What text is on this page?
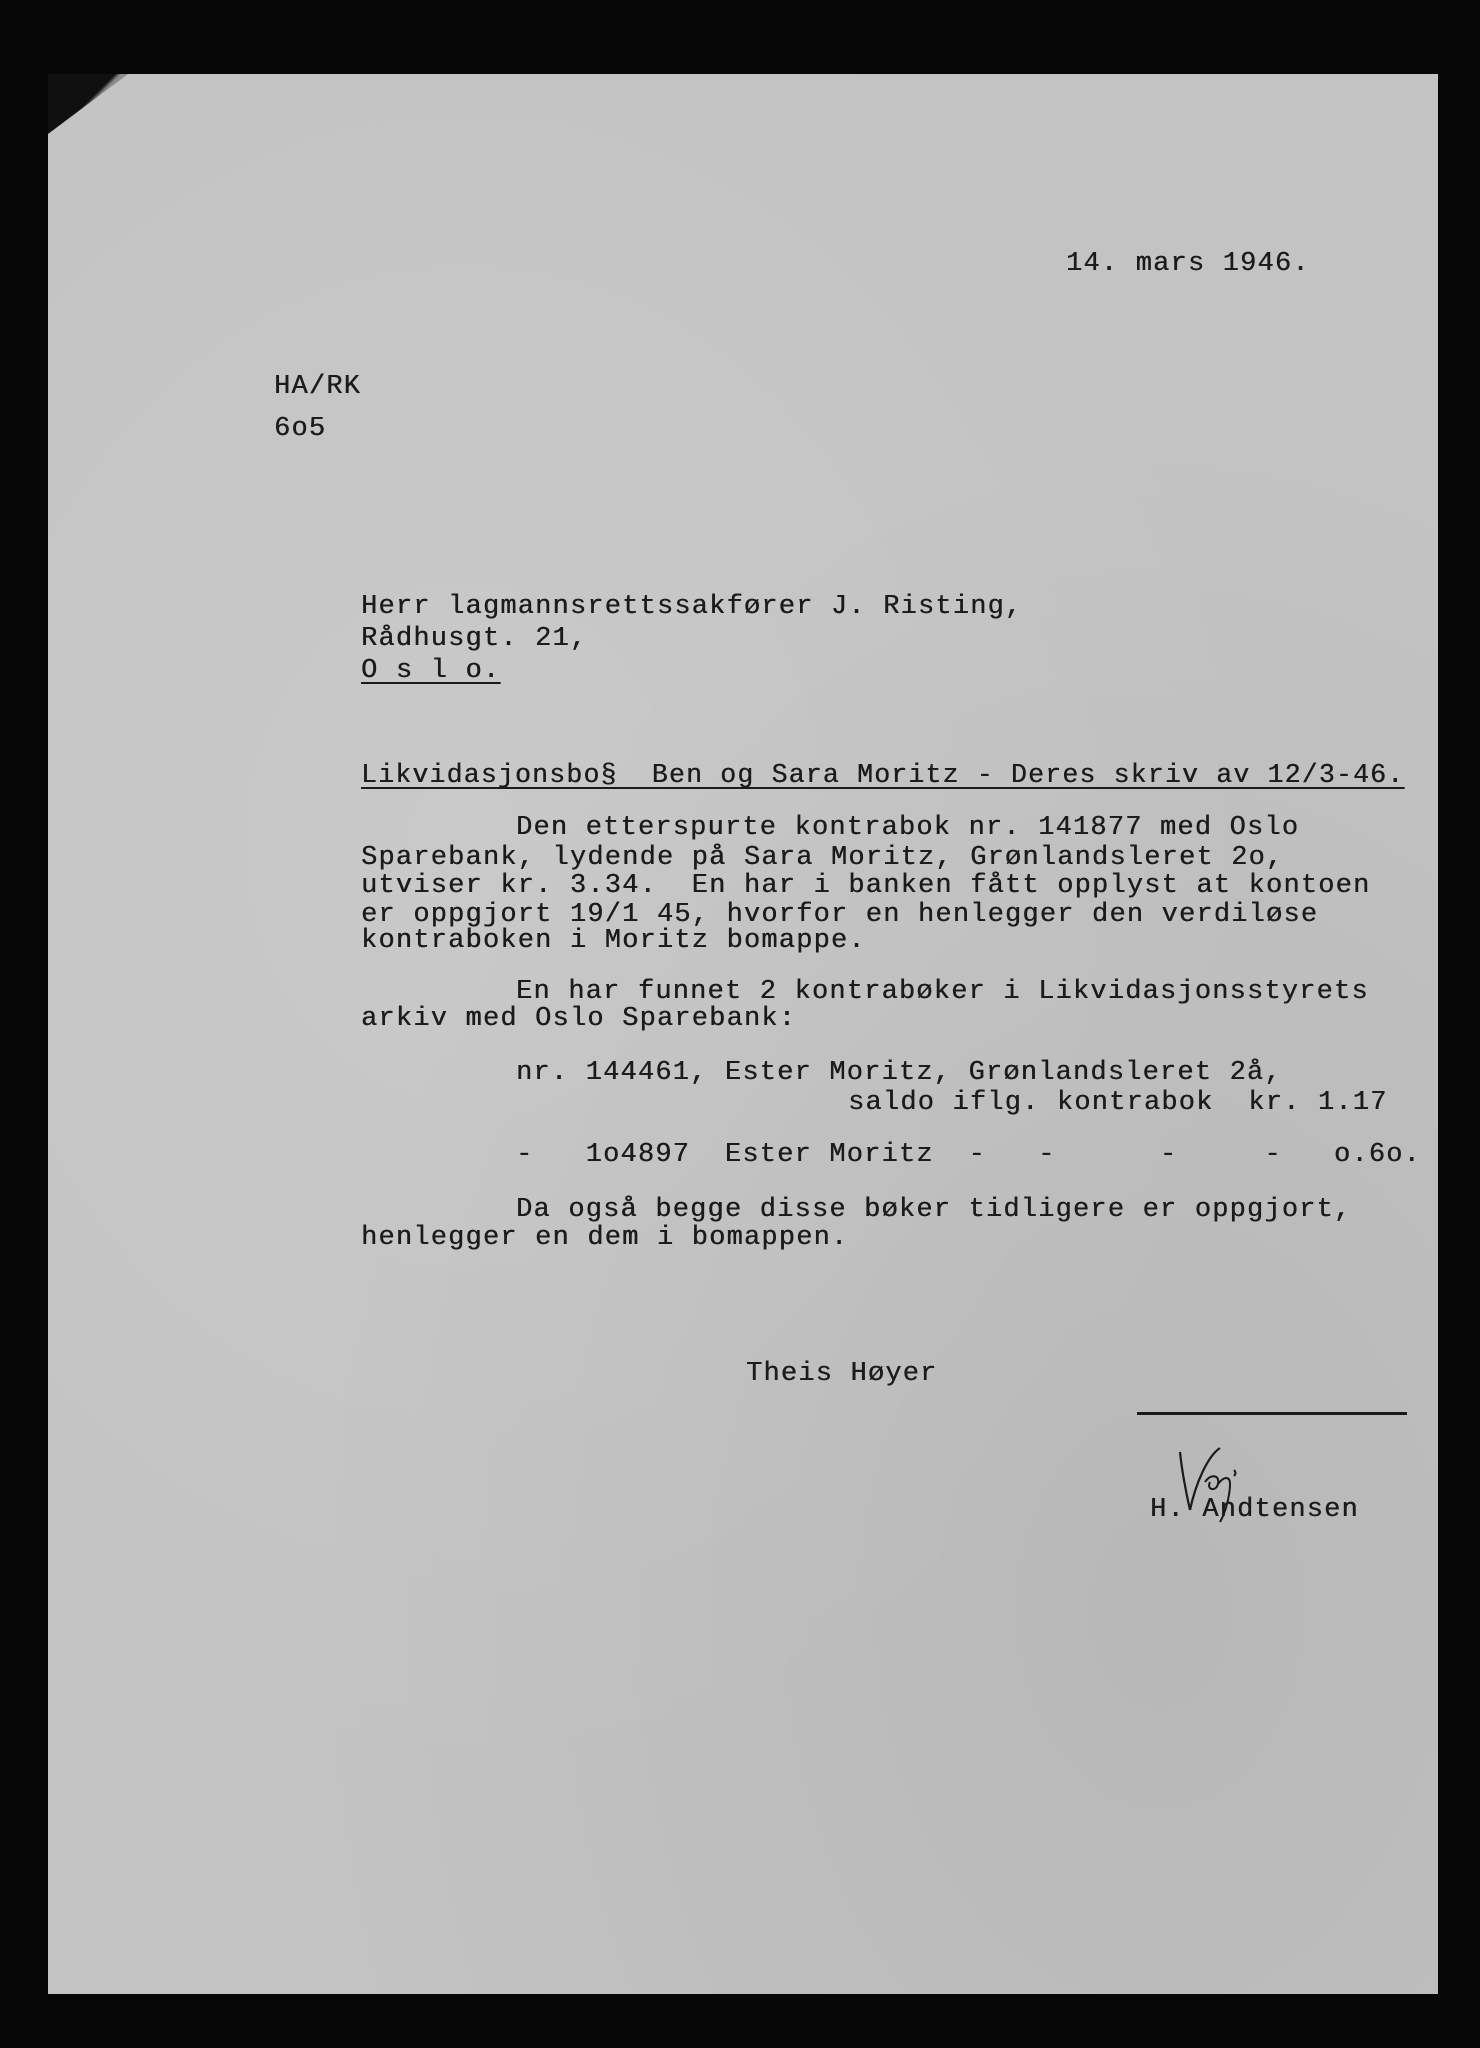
14. mars 1946.
HA/RK
6o5
Herr lagmannsrettssakfører J. Risting,
Rådhusgt. 21,
O s l o.
Likvidasjonsbo§  Ben og Sara Moritz - Deres skriv av 12/3-46.
Den etterspurte kontrabok nr. 141877 med Oslo
Sparebank, lydende på Sara Moritz, Grønlandsleret 2o,
utviser kr. 3.34.  En har i banken fått opplyst at kontoen
er oppgjort 19/1 45, hvorfor en henlegger den verdiløse
kontraboken i Moritz bomappe.
En har funnet 2 kontrabøker i Likvidasjonsstyrets
arkiv med Oslo Sparebank:
nr. 144461, Ester Moritz, Grønlandsleret 2å,
saldo iflg. kontrabok  kr. 1.17
-   1o4897  Ester Moritz  -   -      -     -   o.6o.
Da også begge disse bøker tidligere er oppgjort,
henlegger en dem i bomappen.
Theis Høyer
H. Andtensen
